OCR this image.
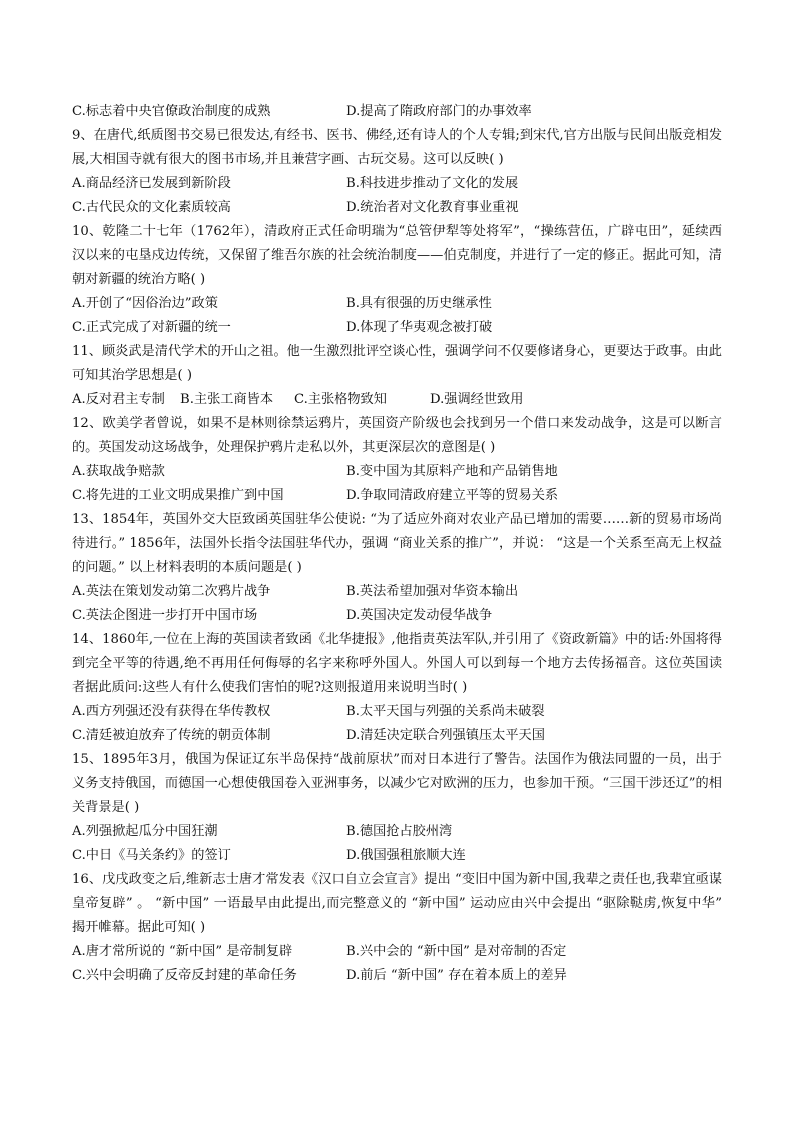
C.标志着中央官僚政治制度的成熟	D.提高了隋政府部门的办事效率

9、在唐代,纸质图书交易已很发达,有经书、医书、佛经,还有诗人的个人专辑;到宋代,官方出版与民间出版竞相发展,大相国寺就有很大的图书市场,并且兼营字画、古玩交易。这可以反映( )

A.商品经济已发展到新阶段	B.科技进步推动了文化的发展
C.古代民众的文化素质较高	D.统治者对文化教育事业重视

10、乾隆二十七年（1762年），清政府正式任命明瑞为“总管伊犁等处将军”，“操练营伍，广辟屯田”，延续西汉以来的屯垦戍边传统，又保留了维吾尔族的社会统治制度——伯克制度，并进行了一定的修正。据此可知，清朝对新疆的统治方略( )

A.开创了“因俗治边”政策	B.具有很强的历史继承性
C.正式完成了对新疆的统一	D.体现了华夷观念被打破

11、顾炎武是清代学术的开山之祖。他一生激烈批评空谈心性，强调学问不仅要修诸身心，更要达于政事。由此可知其治学思想是( )

A.反对君主专制	B.主张工商皆本	C.主张格物致知	D.强调经世致用

12、欧美学者曾说，如果不是林则徐禁运鸦片，英国资产阶级也会找到另一个借口来发动战争，这是可以断言的。英国发动这场战争，处理保护鸦片走私以外，其更深层次的意图是( )

A.获取战争赔款	B.变中国为其原料产地和产品销售地
C.将先进的工业文明成果推广到中国	D.争取同清政府建立平等的贸易关系

13、1854年，英国外交大臣致函英国驻华公使说: “为了适应外商对农业产品已增加的需要……新的贸易市场尚待进行。” 1856年，法国外长指令法国驻华代办，强调 “商业关系的推广”，并说： “这是一个关系至高无上权益的问题。” 以上材料表明的本质问题是( )

A.英法在策划发动第二次鸦片战争	B.英法希望加强对华资本输出
C.英法企图进一步打开中国市场	D.英国决定发动侵华战争

14、1860年,一位在上海的英国读者致函《北华捷报》,他指责英法军队,并引用了《资政新篇》中的话:外国将得到完全平等的待遇,绝不再用任何侮辱的名字来称呼外国人。外国人可以到每一个地方去传扬福音。这位英国读者据此质问:这些人有什么使我们害怕的呢?这则报道用来说明当时( )

A.西方列强还没有获得在华传教权	B.太平天国与列强的关系尚未破裂
C.清廷被迫放弃了传统的朝贡体制	D.清廷决定联合列强镇压太平天国

15、1895年3月，俄国为保证辽东半岛保持“战前原状”而对日本进行了警告。法国作为俄法同盟的一员，出于义务支持俄国，而德国一心想使俄国卷入亚洲事务，以减少它对欧洲的压力，也参加干预。“三国干涉还辽”的相关背景是( )

A.列强掀起瓜分中国狂潮	B.德国抢占胶州湾
C.中日《马关条约》的签订	D.俄国强租旅顺大连

16、戊戌政变之后,维新志士唐才常发表《汉口自立会宣言》提出 “变旧中国为新中国,我辈之责任也,我辈宜亟谋皇帝复辟” 。 “新中国” 一语最早由此提出,而完整意义的 “新中国” 运动应由兴中会提出 “驱除鞑虏,恢复中华” 揭开帷幕。据此可知( )

A.唐才常所说的 “新中国” 是帝制复辟	B.兴中会的 “新中国” 是对帝制的否定
C.兴中会明确了反帝反封建的革命任务	D.前后 “新中国” 存在着本质上的差异
